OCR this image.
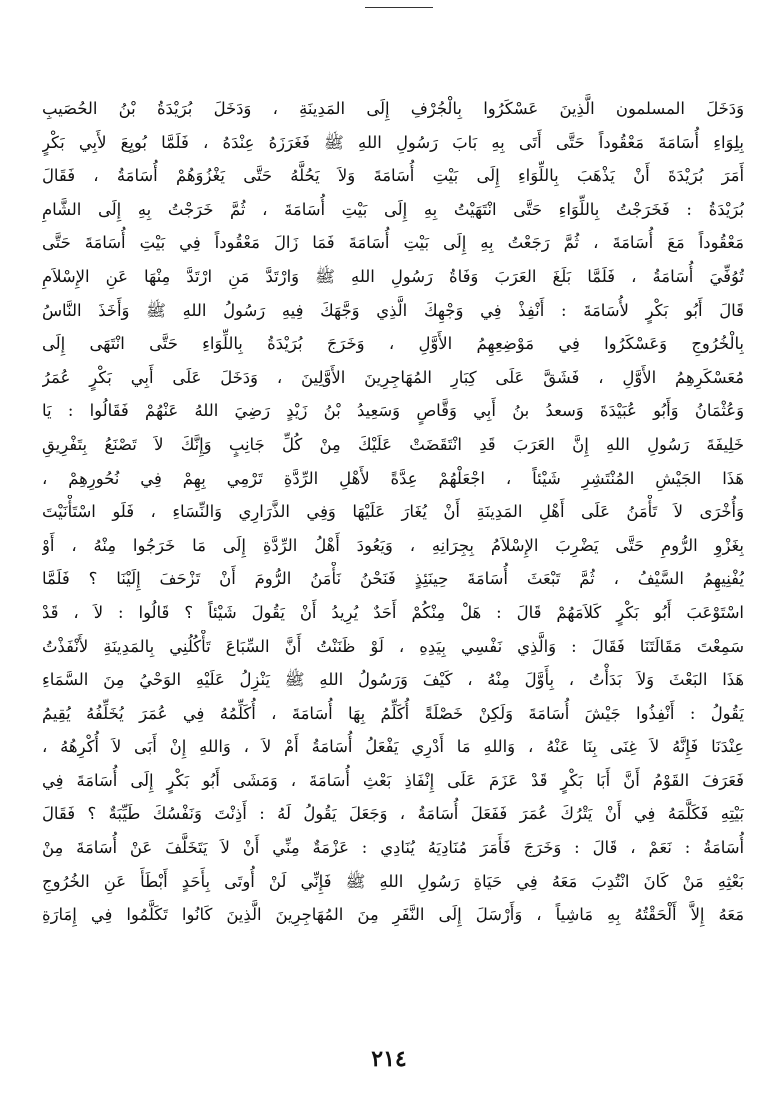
وَدَخَلَ المسلمون الَّذِينَ عَسْكَرُوا بِالْجُرْفِ إِلَى المَدِينَةِ ، وَدَخَلَ بُرَيْدَةُ بْنُ الحُصَيبِ
بِلِوَاءِ أُسَامَةَ مَعْقُوداً حَتَّى أَتَى بِهِ بَابَ رَسُولِ اللهِ ﷺ فَغَرَزَهُ عِنْدَهُ ، فَلَمَّا بُويِعَ لأَبِي بَكْرٍ
أَمَرَ بُرَيْدَةَ أَنْ يَذْهَبَ بِاللِّوَاءِ إِلَى بَيْتِ أُسَامَةَ وَلاَ يَحُلَّهُ حَتَّى يَغْزُوَهُمْ أُسَامَةُ ، فَقَالَ
بُرَيْدَةُ : فَخَرَجْتُ بِاللِّوَاءِ حَتَّى انْتَهَيْتُ بِهِ إِلَى بَيْتِ أُسَامَةَ ، ثُمَّ خَرَجْتُ بِهِ إِلَى الشَّامِ
مَعْقُوداً مَعَ أُسَامَةَ ، ثُمَّ رَجَعْتُ بِهِ إِلَى بَيْتِ أُسَامَةَ فَمَا زَالَ مَعْقُوداً فِي بَيْتِ أُسَامَةَ حَتَّى
تُوُفِّيَ أُسَامَةُ ، فَلَمَّا بَلَغَ العَرَبَ وَفَاةُ رَسُولِ اللهِ ﷺ وَارْتَدَّ مَنِ ارْتَدَّ مِنْهَا عَنِ الإِسْلاَمِ
قَالَ أَبُو بَكْرٍ لأُسَامَةَ : أَنْفِذْ فِي وَجْهِكَ الَّذِي وَجَّهَكَ فِيهِ رَسُولُ اللهِ ﷺ وَأَخَذَ النَّاسُ
بِالْخُرُوجِ وَعَسْكَرُوا فِي مَوْضِعِهِمُ الأَوَّلِ ، وَخَرَجَ بُرَيْدَةُ بِاللِّوَاءِ حَتَّى انْتَهَى إِلَى
مُعَسْكَرِهِمُ الأَوَّلِ ، فَشَقَّ عَلَى كِبَارِ المُهَاجِرِينَ الأَوَّلِينَ ، وَدَخَلَ عَلَى أَبِي بَكْرٍ عُمَرُ
وَعُثْمَانُ وَأَبُو عُبَيْدَةَ وَسعدُ بنُ أَبِي وَقَّاصٍ وَسَعِيدُ بْنُ زَيْدٍ رَضِيَ اللهُ عَنْهُمْ فَقَالُوا : يَا
خَلِيفَةَ رَسُولِ اللهِ إِنَّ العَرَبَ قَدِ انْتَقَضَتْ عَلَيْكَ مِنْ كُلِّ جَانِبٍ وَإِنَّكَ لاَ تَصْنَعُ بِتَفْرِيقِ
هَذَا الجَيْشِ المُنْتَشِرِ شَيْئاً ، اجْعَلْهُمْ عِدَّةً لأَهْلِ الرِّدَّةِ تَرْمِي بِهِمْ فِي نُحُورِهِمْ ،
وَأُخْرَى لاَ تَأْمَنُ عَلَى أَهْلِ المَدِينَةِ أَنْ يُغَارَ عَلَيْهَا وَفِي الذَّرَارِي وَالنِّسَاءِ ، فَلَو اسْتَأْنَيْتَ
بِغَزْوِ الرُّومِ حَتَّى يَضْرِبَ الإِسْلاَمُ بِجِرَانِهِ ، وَيَعُودَ أَهْلُ الرِّدَّةِ إِلَى مَا خَرَجُوا مِنْهُ ، أَوْ
يُفْنِيهِمُ السَّيْفُ ، ثُمَّ تَبْعَثَ أُسَامَةَ حِينَئِذٍ فَنَحْنُ نَأْمَنُ الرُّومَ أَنْ تَزْحَفَ إِلَيْنَا ؟ فَلَمَّا
اسْتَوْعَبَ أَبُو بَكْرٍ كَلاَمَهُمْ قَالَ : هَلْ مِنْكُمْ أَحَدٌ يُرِيدُ أَنْ يَقُولَ شَيْئاً ؟ قَالُوا : لاَ ، قَدْ
سَمِعْتَ مَقَالَتَنَا فَقَالَ : وَالَّذِي نَفْسِي بِيَدِهِ ، لَوْ ظَنَنْتُ أَنَّ السِّبَاعَ تَأْكُلُنِي بِالمَدِينَةِ لأَنْفَذْتُ
هَذَا البَعْثَ وَلاَ بَدَأْتُ ، بِأَوَّلَ مِنْهُ ، كَيْفَ وَرَسُولُ اللهِ ﷺ يَنْزِلُ عَلَيْهِ الوَحْيُ مِنَ السَّمَاءِ
يَقُولُ : أَنْفِذُوا جَيْشَ أُسَامَةَ وَلَكِنْ خَصْلَةً أُكَلِّمُ بِهَا أُسَامَةَ ، أُكَلِّمُهُ فِي عُمَرَ يُخَلِّفُهُ يُقِيمُ
عِنْدَنَا فَإِنَّهُ لاَ غِنَى بِنَا عَنْهُ ، وَاللهِ مَا أَدْرِي يَفْعَلُ أُسَامَةُ أَمْ لاَ ، وَاللهِ إِنْ أَبَى لاَ أُكْرِهُهُ ،
فَعَرَفَ القَوْمُ أَنَّ أَبَا بَكْرٍ قَدْ عَزَمَ عَلَى إِنْفَاذِ بَعْثِ أُسَامَةَ ، وَمَشَى أَبُو بَكْرٍ إِلَى أُسَامَةَ فِي
بَيْتِهِ فَكَلَّمَهُ فِي أَنْ يَتْرُكَ عُمَرَ فَفَعَلَ أُسَامَةُ ، وَجَعَلَ يَقُولُ لَهُ : أَذِنْتَ وَنَفْسُكَ طَيِّبَةٌ ؟ فَقَالَ
أُسَامَةُ : نَعَمْ ، قَالَ : وَخَرَجَ فَأَمَرَ مُنَادِيَهُ يُنَادِي : عَزْمَةٌ مِنِّي أَنْ لاَ يَتَخَلَّفَ عَنْ أُسَامَةَ مِنْ
بَعْثِهِ مَنْ كَانَ انْتُدِبَ مَعَهُ فِي حَيَاةِ رَسُولِ اللهِ ﷺ فَإِنِّي لَنْ أُوتَى بِأَحَدٍ أَبْطَأَ عَنِ الخُرُوجِ
مَعَهُ إِلاَّ أَلْحَقْتُهُ بِهِ مَاشِياً ، وَأَرْسَلَ إِلَى النَّفَرِ مِنَ المُهَاجِرِينَ الَّذِينَ كَانُوا تَكَلَّمُوا فِي إِمَارَةِ
٢١٤
